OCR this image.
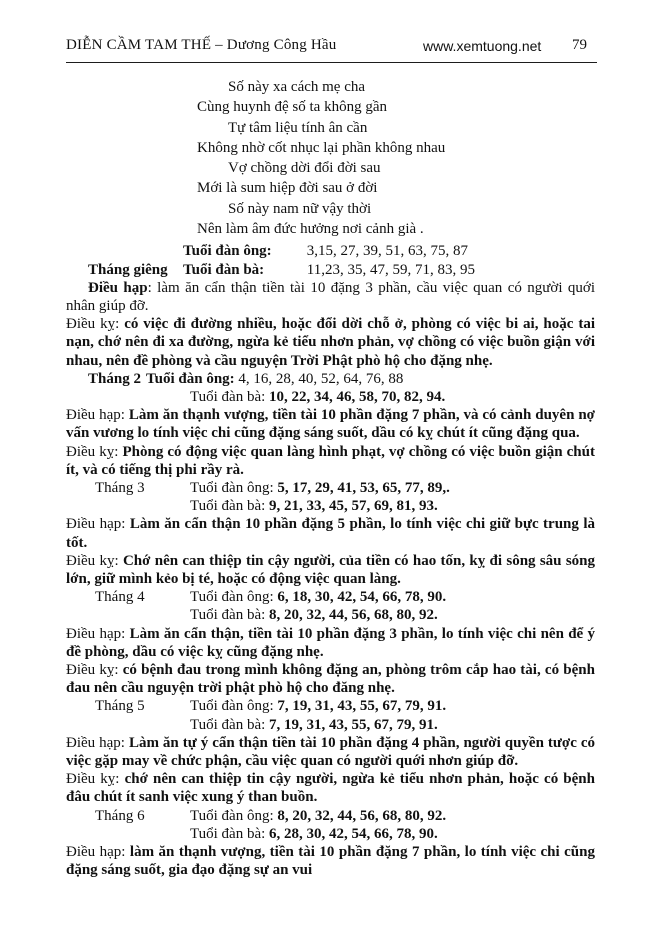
DIỄN CẦM TAM THẾ – Dương Công Hầu	www.xemtuong.net 79
Số này xa cách mẹ cha
Cùng huynh đệ số ta không gần
Tự tâm liệu tính ân cần
Không nhờ cốt nhục lại phần không nhau
Vợ chồng dời đổi đời sau
Mới là sum hiệp đời sau ở đời
Số này nam nữ vậy thời
Nên làm âm đức hưởng nơi cảnh già .
Tuổi đàn ông: 3,15, 27, 39, 51, 63, 75, 87
Tháng giêng Tuổi đàn bà:	11,23, 35, 47, 59, 71, 83, 95
Điều hạp: làm ăn cẩn thận tiền tài 10 đặng 3 phần, cầu việc quan có người quới nhân giúp đỡ.
Điều kỵ: có việc đi đường nhiều, hoặc đổi dời chỗ ở, phòng có việc bi ai, hoặc tai nạn, chớ nên đi xa đường, ngừa kẻ tiểu nhơn phản, vợ chồng có việc buồn giận với nhau, nên đề phòng và cầu nguyện Trời Phật phò hộ cho đặng nhẹ.
Tháng 2 Tuổi đàn ông: 4, 16, 28, 40, 52, 64, 76, 88
Tuổi đàn bà: 10, 22, 34, 46, 58, 70, 82, 94.
Điều hạp: Làm ăn thạnh vượng, tiền tài 10 phần đặng 7 phần, và có cảnh duyên nợ vấn vương lo tính việc chi cũng đặng sáng suốt, dầu có kỵ chút ít cũng đặng qua.
Điều kỵ: Phòng có động việc quan làng hình phạt, vợ chồng có việc buồn giận chút ít, và có tiếng thị phi rầy rà.
Tháng 3	Tuổi đàn ông: 5, 17, 29, 41, 53, 65, 77, 89,.
Tuổi đàn bà: 9, 21, 33, 45, 57, 69, 81, 93.
Điều hạp: Làm ăn cẩn thận 10 phần đặng 5 phần, lo tính việc chi giữ bực trung là tốt.
Điều kỵ: Chớ nên can thiệp tin cậy người, của tiền có hao tốn, kỵ đi sông sâu sóng lớn, giữ mình kẻo bị té, hoặc có động việc quan làng.
Tháng 4	Tuổi đàn ông: 6, 18, 30, 42, 54, 66, 78, 90.
Tuổi đàn bà: 8, 20, 32, 44, 56, 68, 80, 92.
Điều hạp: Làm ăn cẩn thận, tiền tài 10 phần đặng 3 phần, lo tính việc chi nên để ý đề phòng, dầu có việc kỵ cũng đặng nhẹ.
Điều kỵ: có bệnh đau trong mình không đặng an, phòng trôm cắp hao tài, có bệnh đau nên cầu nguyện trời phật phò hộ cho đăng nhẹ.
Tháng 5	Tuổi đàn ông: 7, 19, 31, 43, 55, 67, 79, 91.
Tuổi đàn bà: 7, 19, 31, 43, 55, 67, 79, 91.
Điều hạp: Làm ăn tự ý cẩn thận tiền tài 10 phần đặng 4 phần, người quyền tược có việc gặp may về chức phận, cầu việc quan có người quới nhơn giúp đỡ.
Điều kỵ: chớ nên can thiệp tin cậy người, ngừa kẻ tiểu nhơn phản, hoặc có bệnh đâu chút ít sanh việc xung ý than buồn.
Tháng 6	Tuổi đàn ông: 8, 20, 32, 44, 56, 68, 80, 92.
Tuổi đàn bà: 6, 28, 30, 42, 54, 66, 78, 90.
Điều hạp: làm ăn thạnh vượng, tiền tài 10 phần đặng 7 phần, lo tính việc chi cũng đặng sáng suốt, gia đạo đặng sự an vui
